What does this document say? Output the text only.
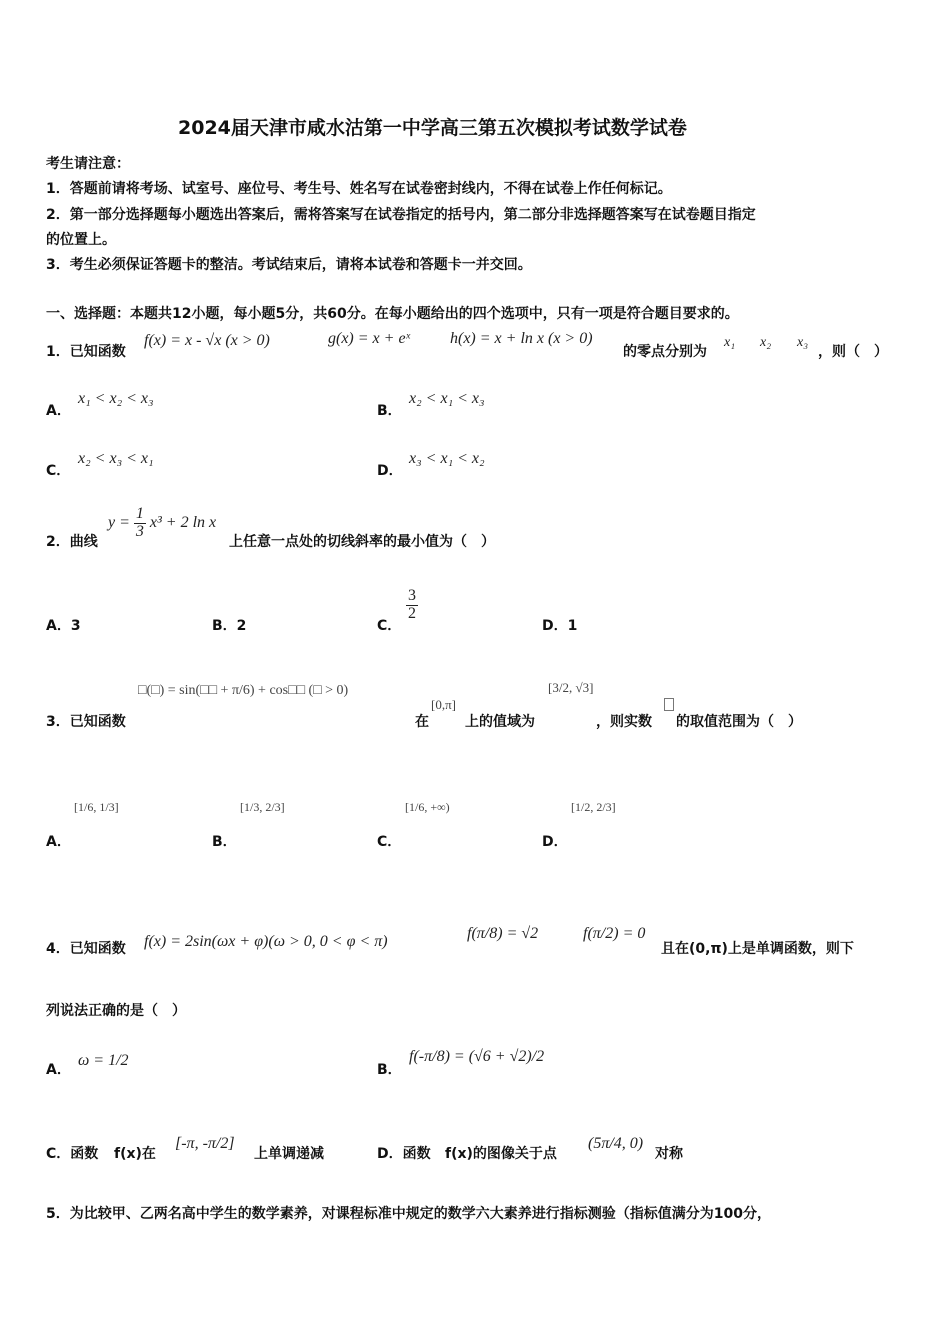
2024届天津市咸水沽第一中学高三第五次模拟考试数学试卷
考生请注意：
1．答题前请将考场、试室号、座位号、考生号、姓名写在试卷密封线内，不得在试卷上作任何标记。
2．第一部分选择题每小题选出答案后，需将答案写在试卷指定的括号内，第二部分非选择题答案写在试卷题目指定
的位置上。
3．考生必须保证答题卡的整洁。考试结束后，请将本试卷和答题卡一并交回。
一、选择题：本题共12小题，每小题5分，共60分。在每小题给出的四个选项中，只有一项是符合题目要求的。
1．已知函数
f(x) = x - √x (x > 0)	g(x) = x + eˣ h(x) = x + ln x (x > 0)
的零点分别为
x₁ x₂ x₃
，则（　）
A．
x₁ < x₂ < x₃
B．
x₂ < x₁ < x₃
C．
x₂ < x₃ < x₁
D．
x₃ < x₁ < x₂
2．曲线
$y = \frac{1}{3} x^3 + 2$ ln x
上任意一点处的切线斜率的最小值为（　）
A．3	B．2	C．
$\frac{3}{2}$
D．1
□(□) = sin(□□ + π/6) + cos□□ (□ > 0)
3．已知函数	在
[0,π]
上的值域为
[3/2, √3]
，则实数 的取值范围为（　）
A．
[1/6, 1/3]
B．
[1/3, 2/3]
C．
[1/6, +∞)
D．
[1/2, 2/3]
4．已知函数 f(x) = 2sin(ωx + φ)(ω > 0, 0 < φ < π)	f(π/8) = √2	f(π/2) = 0
且在(0,π)上是单调函数，则下
列说法正确的是（　）
A．
ω = 1/2
B．
f(-π/8) = (√6 + √2)/2
C．函数 f(x)在
[-π, -π/2]
上单调递减	D．函数 f(x)的图像关于点
(5π/4, 0)
对称
5．为比较甲、乙两名高中学生的数学素养，对课程标准中规定的数学六大素养进行指标测验（指标值满分为100分，
